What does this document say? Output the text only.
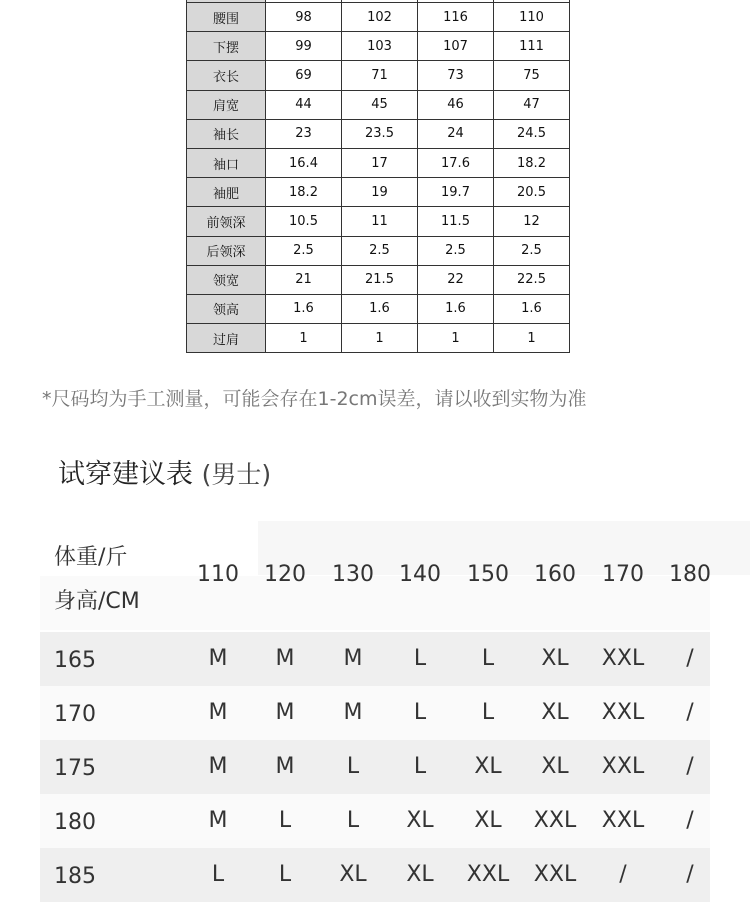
腰围	98	102	116	110
下摆	99	103	107	111
衣长	69	71	73	75
肩宽	44	45	46	47
袖长	23	23.5	24	24.5
袖口	16.4	17	17.6	18.2
袖肥	18.2	19	19.7	20.5
前领深	10.5	11	11.5	12
后领深	2.5	2.5	2.5	2.5
领宽	21	21.5	22	22.5
领高	1.6	1.6	1.6	1.6
过肩	1	1	1	1
*尺码均为手工测量，可能会存在1-2cm误差，请以收到实物为准
试穿建议表 (男士)
体重/斤
身高/CM
110	120	130	140	150	160	170	180
165	M	M	M	L	L	XL	XXL	/
170	M	M	M	L	L	XL	XXL	/
175	M	M	L	L	XL	XL	XXL	/
180	M	L	L	XL	XL	XXL	XXL	/
185	L	L	XL	XL	XXL	XXL	/	/
